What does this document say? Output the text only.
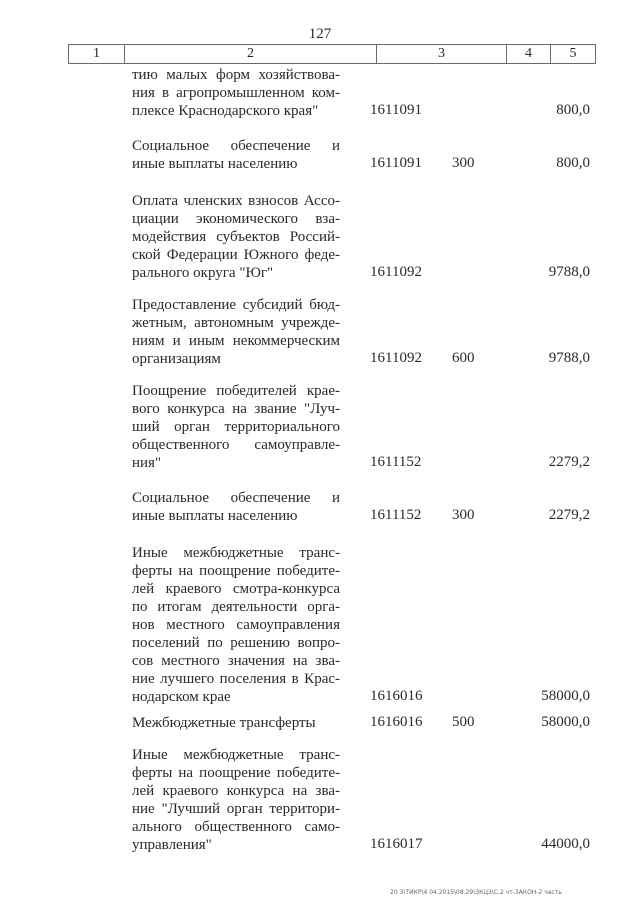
127
1	2	3	4	5
тию малых форм хозяйствова-
ния в агропромышленном ком-
плексе Краснодарского края"	1611091	800,0
Социальное обеспечение и
иные выплаты населению	1611091 300	800,0
Оплата членских взносов Ассо-
циации экономического вза-
модействия субъектов Россий-
ской Федерации Южного феде-
рального округа "Юг"	1611092	9788,0
Предоставление субсидий бюд-
жетным, автономным учрежде-
ниям и иным некоммерческим
организациям	1611092 600	9788,0
Поощрение победителей крае-
вого конкурса на звание "Луч-
ший орган территориального
общественного самоуправле-
ния"	1611152	2279,2
Социальное обеспечение и
иные выплаты населению	1611152 300	2279,2
Иные межбюджетные транс-
ферты на поощрение победите-
лей краевого смотра-конкурса
по итогам деятельности орга-
нов местного самоуправления
поселений по решению вопро-
сов местного значения на зва-
ние лучшего поселения в Крас-
нодарском крае	1616016	58000,0
Межбюджетные трансферты	1616016 500	58000,0
Иные межбюджетные транс-
ферты на поощрение победите-
лей краевого конкурса на зва-
ние "Лучший орган территори-
ального общественного само-
управления"	1616017	44000,0
20 З\ТИКР\4 04.2015\08.29\ЗКЦЗ\С.2 чт-ЗАКОН-2 часть
